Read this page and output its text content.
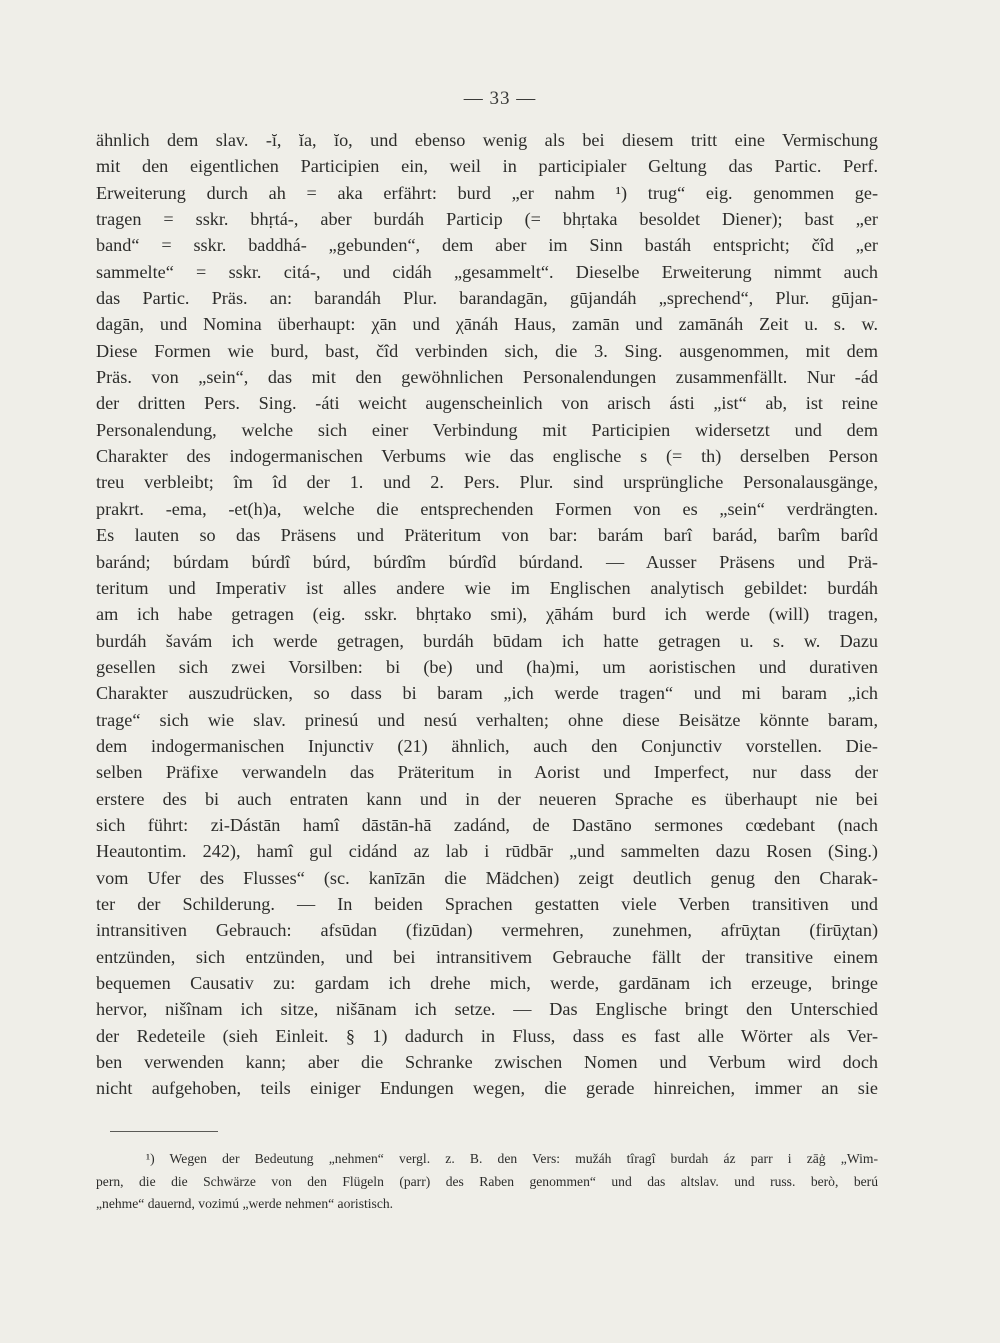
— 33 —
ähnlich dem slav. -ĭ, ĭa, ĭo, und ebenso wenig als bei diesem tritt eine Vermischung
mit den eigentlichen Participien ein, weil in participialer Geltung das Partic. Perf.
Erweiterung durch ah = aka erfährt: burd „er nahm ¹) trug“ eig. genommen ge-
tragen = sskr. bhṛtá-, aber burdáh Particip (= bhṛtaka besoldet Diener); bast „er
band“ = sskr. baddhá- „gebunden“, dem aber im Sinn bastáh entspricht; čîd „er
sammelte“ = sskr. citá-, und cidáh „gesammelt“. Dieselbe Erweiterung nimmt auch
das Partic. Präs. an: barandáh Plur. barandagān, gūjandáh „sprechend“, Plur. gūjan-
dagān, und Nomina überhaupt: χān und χānáh Haus, zamān und zamānáh Zeit u. s. w.
Diese Formen wie burd, bast, čîd verbinden sich, die 3. Sing. ausgenommen, mit dem
Präs. von „sein“, das mit den gewöhnlichen Personalendungen zusammenfällt. Nur -ád
der dritten Pers. Sing. -áti weicht augenscheinlich von arisch ásti „ist“ ab, ist reine
Personalendung, welche sich einer Verbindung mit Participien widersetzt und dem
Charakter des indogermanischen Verbums wie das englische s (= th) derselben Person
treu verbleibt; îm îd der 1. und 2. Pers. Plur. sind ursprüngliche Personalausgänge,
prakrt. -ema, -et(h)a, welche die entsprechenden Formen von es „sein“ verdrängten.
Es lauten so das Präsens und Präteritum von bar: barám barî barád, barîm barîd
baránd; búrdam búrdî búrd, búrdîm búrdîd búrdand. — Ausser Präsens und Prä-
teritum und Imperativ ist alles andere wie im Englischen analytisch gebildet: burdáh
am ich habe getragen (eig. sskr. bhṛtako smi), χāhám burd ich werde (will) tragen,
burdáh šavám ich werde getragen, burdáh būdam ich hatte getragen u. s. w. Dazu
gesellen sich zwei Vorsilben: bi (be) und (ha)mi, um aoristischen und durativen
Charakter auszudrücken, so dass bi baram „ich werde tragen“ und mi baram „ich
trage“ sich wie slav. prinesú und nesú verhalten; ohne diese Beisätze könnte baram,
dem indogermanischen Injunctiv (21) ähnlich, auch den Conjunctiv vorstellen. Die-
selben Präfixe verwandeln das Präteritum in Aorist und Imperfect, nur dass der
erstere des bi auch entraten kann und in der neueren Sprache es überhaupt nie bei
sich führt: zi-Dástān hamî dāstān-hā zadánd, de Dastāno sermones cœdebant (nach
Heautontim. 242), hamî gul cidánd az lab i rūdbār „und sammelten dazu Rosen (Sing.)
vom Ufer des Flusses“ (sc. kanīzān die Mädchen) zeigt deutlich genug den Charak-
ter der Schilderung. — In beiden Sprachen gestatten viele Verben transitiven und
intransitiven Gebrauch: afsūdan (fizūdan) vermehren, zunehmen, afrūχtan (firūχtan)
entzünden, sich entzünden, und bei intransitivem Gebrauche fällt der transitive einem
bequemen Causativ zu: gardam ich drehe mich, werde, gardānam ich erzeuge, bringe
hervor, nišînam ich sitze, nišānam ich setze. — Das Englische bringt den Unterschied
der Redeteile (sieh Einleit. § 1) dadurch in Fluss, dass es fast alle Wörter als Ver-
ben verwenden kann; aber die Schranke zwischen Nomen und Verbum wird doch
nicht aufgehoben, teils einiger Endungen wegen, die gerade hinreichen, immer an sie
¹) Wegen der Bedeutung „nehmen“ vergl. z. B. den Vers: mužáh tîragî burdah áz parr i zāġ „Wim-
pern, die die Schwärze von den Flügeln (parr) des Raben genommen“ und das altslav. und russ. berò, berú
„nehme“ dauernd, vozimú „werde nehmen“ aoristisch.
